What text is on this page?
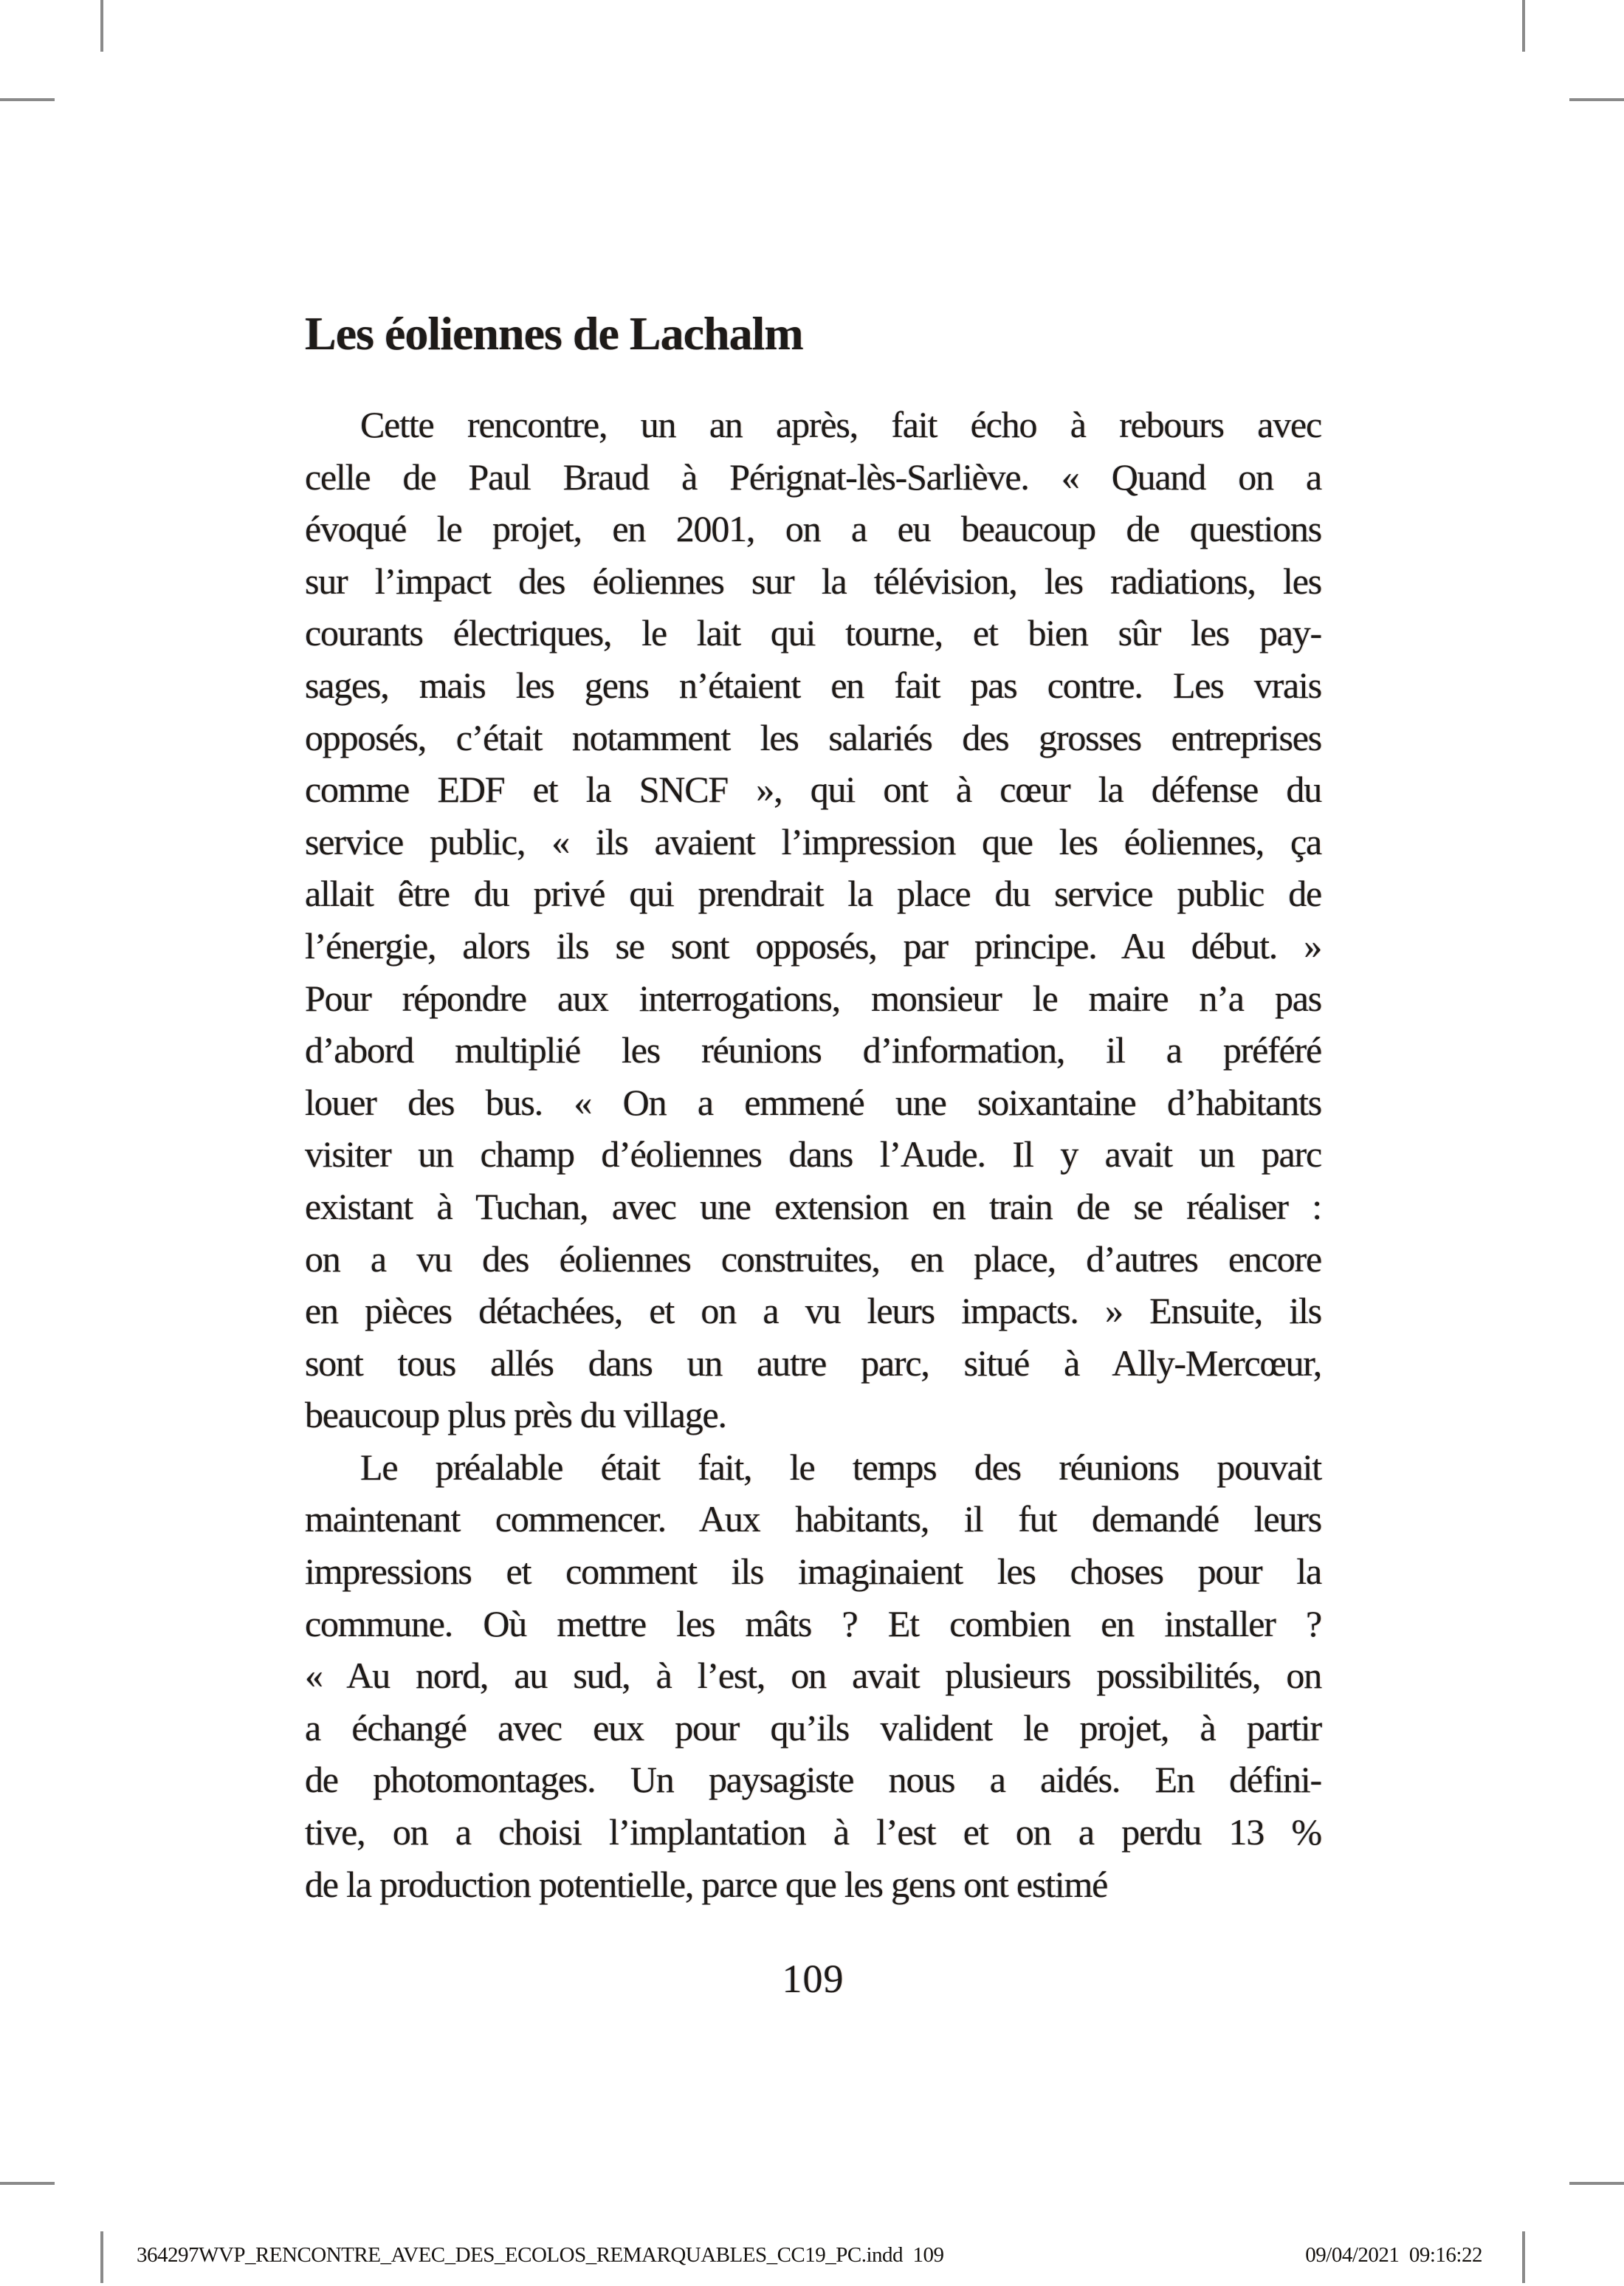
Les éoliennes de Lachalm
Cette rencontre, un an après, fait écho à rebours avec
celle de Paul Braud à Pérignat-lès-Sarliève. « Quand on a
évoqué le projet, en 2001, on a eu beaucoup de questions
sur l’impact des éoliennes sur la télévision, les radiations, les
courants électriques, le lait qui tourne, et bien sûr les pay-
sages, mais les gens n’étaient en fait pas contre. Les vrais
opposés, c’était notamment les salariés des grosses entreprises
comme EDF et la SNCF », qui ont à cœur la défense du
service public, « ils avaient l’impression que les éoliennes, ça
allait être du privé qui prendrait la place du service public de
l’énergie, alors ils se sont opposés, par principe. Au début. »
Pour répondre aux interrogations, monsieur le maire n’a pas
d’abord multiplié les réunions d’information, il a préféré
louer des bus. « On a emmené une soixantaine d’habitants
visiter un champ d’éoliennes dans l’Aude. Il y avait un parc
existant à Tuchan, avec une extension en train de se réaliser :
on a vu des éoliennes construites, en place, d’autres encore
en pièces détachées, et on a vu leurs impacts. » Ensuite, ils
sont tous allés dans un autre parc, situé à Ally-Mercœur,
beaucoup plus près du village.
Le préalable était fait, le temps des réunions pouvait
maintenant commencer. Aux habitants, il fut demandé leurs
impressions et comment ils imaginaient les choses pour la
commune. Où mettre les mâts ? Et combien en installer ?
« Au nord, au sud, à l’est, on avait plusieurs possibilités, on
a échangé avec eux pour qu’ils valident le projet, à partir
de photomontages. Un paysagiste nous a aidés. En défini-
tive, on a choisi l’implantation à l’est et on a perdu 13 %
de la production potentielle, parce que les gens ont estimé
109
364297WVP_RENCONTRE_AVEC_DES_ECOLOS_REMARQUABLES_CC19_PC.indd  109	09/04/2021  09:16:22
